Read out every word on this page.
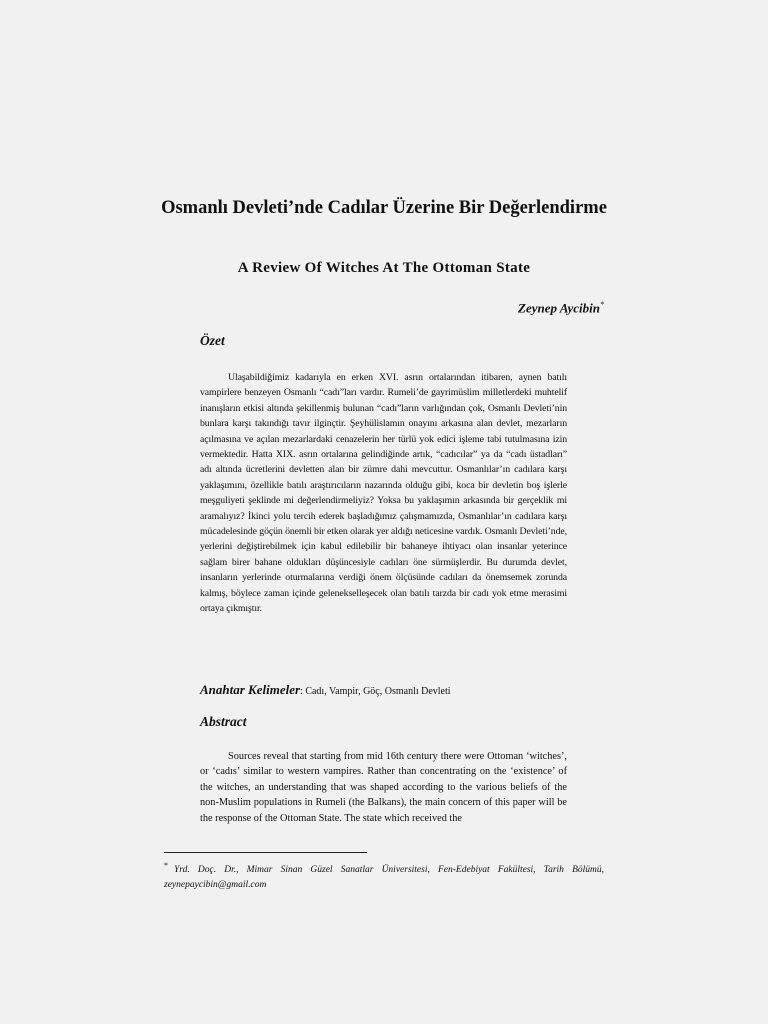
Osmanlı Devleti’nde Cadılar Üzerine Bir Değerlendirme
A Review Of Witches At The Ottoman State
Zeynep Aycibin*
Özet

Ulaşabildiğimiz kadarıyla en erken XVI. asrın ortalarından itibaren, aynen batılı vampirlere benzeyen Osmanlı “cadı”ları vardır. Rumeli’de gayrimüslim milletlerdeki muhtelif inanışların etkisi altında şekillenmiş bulunan “cadı”ların varlığından çok, Osmanlı Devleti’nin bunlara karşı takındığı tavır ilginçtir. Şeyhülislamın onayını arkasına alan devlet, mezarların açılmasına ve açılan mezarlardaki cenazelerin her türlü yok edici işleme tabi tutulmasına izin vermektedir. Hatta XIX. asrın ortalarına gelindiğinde artık, “cadıcılar” ya da “cadı üstadları” adı altında ücretlerini devletten alan bir zümre dahi mevcuttur. Osmanlılar’ın cadılara karşı yaklaşımını, özellikle batılı araştırıcıların nazarında olduğu gibi, koca bir devletin boş işlerle meşguliyeti şeklinde mi değerlendirmeliyiz? Yoksa bu yaklaşımın arkasında bir gerçeklik mi aramalıyız? İkinci yolu tercih ederek başladığımız çalışmamızda, Osmanlılar’ın cadılara karşı mücadelesinde göçün önemli bir etken olarak yer aldığı neticesine vardık. Osmanlı Devleti’nde, yerlerini değiştirebilmek için kabul edilebilir bir bahaneye ihtiyacı olan insanlar yeterince sağlam birer bahane oldukları düşüncesiyle cadıları öne sürmüşlerdir. Bu durumda devlet, insanların yerlerinde oturmalarına verdiği önem ölçüsünde cadıları da önemsemek zorunda kalmış, böylece zaman içinde gelenekselleşecek olan batılı tarzda bir cadı yok etme merasimi ortaya çıkmıştır.

Anahtar Kelimeler: Cadı, Vampir, Göç, Osmanlı Devleti
Abstract

Sources reveal that starting from mid 16th century there were Ottoman ‘witches’, or ‘cadıs’ similar to western vampires. Rather than concentrating on the ‘existence’ of the witches, an understanding that was shaped according to the various beliefs of the non-Muslim populations in Rumeli (the Balkans), the main concern of this paper will be the response of the Ottoman State. The state which received the

* Yrd. Doç. Dr., Mimar Sinan Güzel Sanatlar Üniversitesi, Fen-Edebiyat Fakültesi, Tarih Bölümü, zeynepaycibin@gmail.com
